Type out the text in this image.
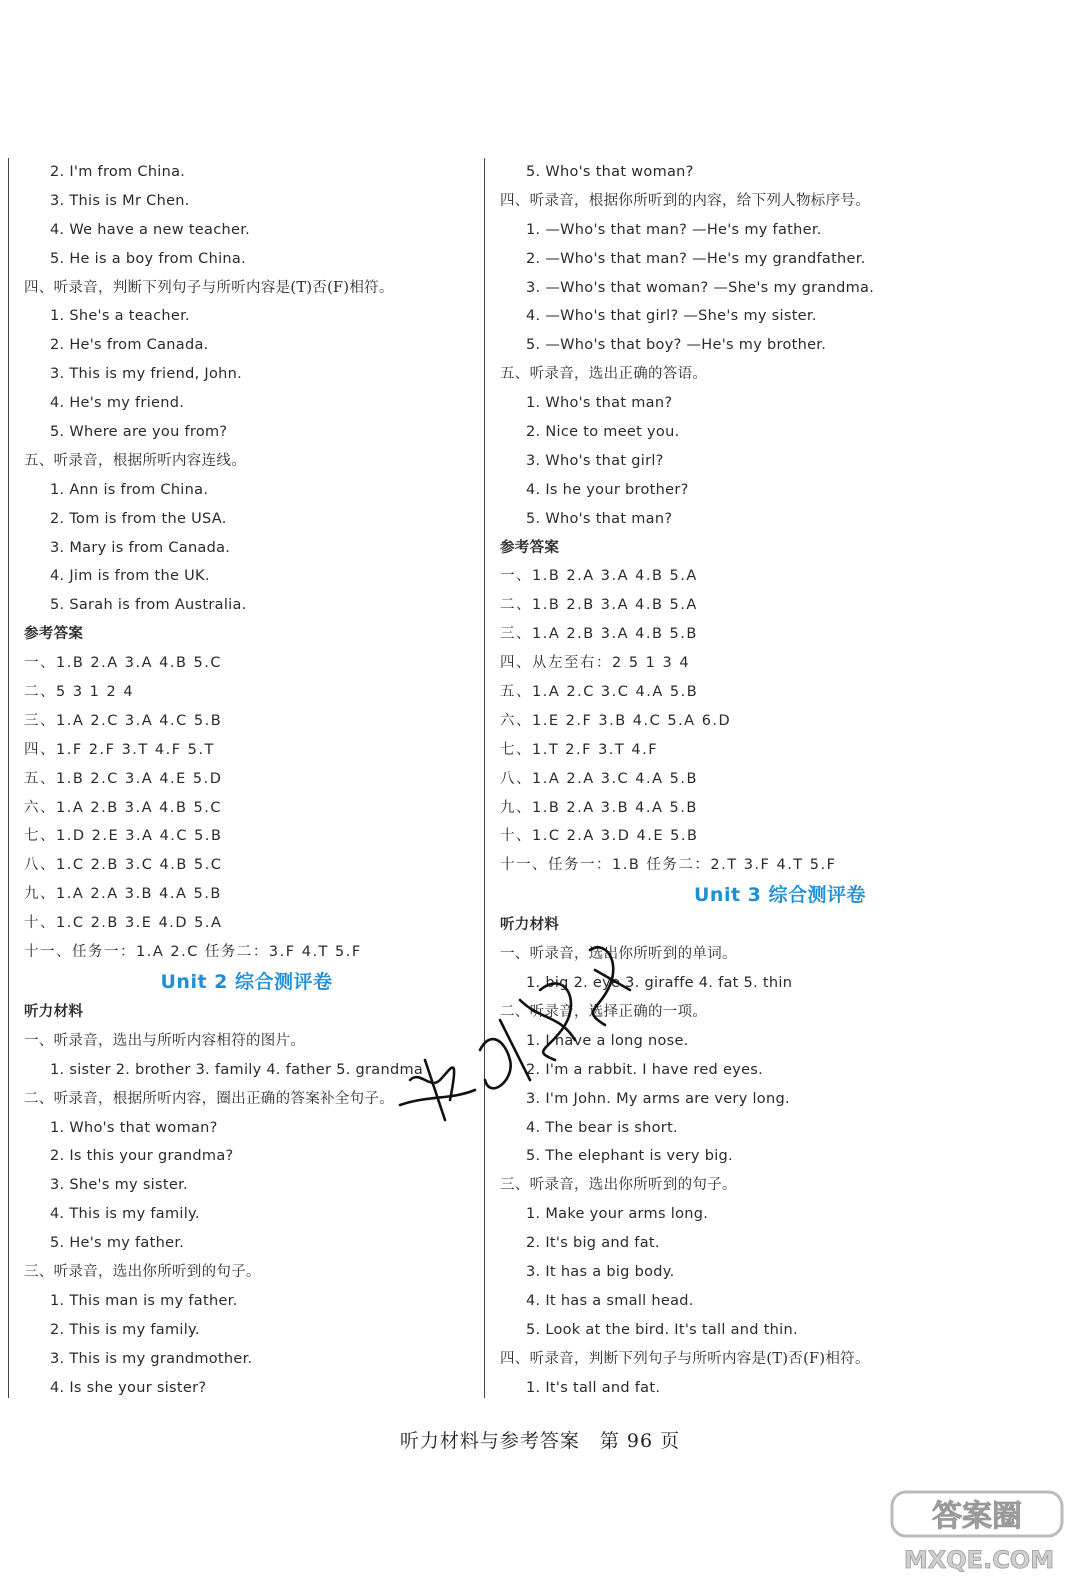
2. I'm from China.
3. This is Mr Chen.
4. We have a new teacher.
5. He is a boy from China.
四、听录音，判断下列句子与所听内容是(T)否(F)相符。
1. She's a teacher.
2. He's from Canada.
3. This is my friend, John.
4. He's my friend.
5. Where are you from?
五、听录音，根据所听内容连线。
1. Ann is from China.
2. Tom is from the USA.
3. Mary is from Canada.
4. Jim is from the UK.
5. Sarah is from Australia.
参考答案
一、1.B 2.A 3.A 4.B 5.C
二、5 3 1 2 4
三、1.A 2.C 3.A 4.C 5.B
四、1.F 2.F 3.T 4.F 5.T
五、1.B 2.C 3.A 4.E 5.D
六、1.A 2.B 3.A 4.B 5.C
七、1.D 2.E 3.A 4.C 5.B
八、1.C 2.B 3.C 4.B 5.C
九、1.A 2.A 3.B 4.A 5.B
十、1.C 2.B 3.E 4.D 5.A
十一、任务一：1.A 2.C 任务二：3.F 4.T 5.F
Unit 2 综合测评卷
听力材料
一、听录音，选出与所听内容相符的图片。
1. sister 2. brother 3. family 4. father 5. grandma
二、听录音，根据所听内容，圈出正确的答案补全句子。
1. Who's that woman?
2. Is this your grandma?
3. She's my sister.
4. This is my family.
5. He's my father.
三、听录音，选出你所听到的句子。
1. This man is my father.
2. This is my family.
3. This is my grandmother.
4. Is she your sister?
5. Who's that woman?
四、听录音，根据你所听到的内容，给下列人物标序号。
1. —Who's that man? —He's my father.
2. —Who's that man? —He's my grandfather.
3. —Who's that woman? —She's my grandma.
4. —Who's that girl? —She's my sister.
5. —Who's that boy? —He's my brother.
五、听录音，选出正确的答语。
1. Who's that man?
2. Nice to meet you.
3. Who's that girl?
4. Is he your brother?
5. Who's that man?
参考答案
一、1.B 2.A 3.A 4.B 5.A
二、1.B 2.B 3.A 4.B 5.A
三、1.A 2.B 3.A 4.B 5.B
四、从左至右：2 5 1 3 4
五、1.A 2.C 3.C 4.A 5.B
六、1.E 2.F 3.B 4.C 5.A 6.D
七、1.T 2.F 3.T 4.F
八、1.A 2.A 3.C 4.A 5.B
九、1.B 2.A 3.B 4.A 5.B
十、1.C 2.A 3.D 4.E 5.B
十一、任务一：1.B 任务二：2.T 3.F 4.T 5.F
Unit 3 综合测评卷
听力材料
一、听录音，选出你所听到的单词。
1. big 2. eye 3. giraffe 4. fat 5. thin
二、听录音，选择正确的一项。
1. I have a long nose.
2. I'm a rabbit. I have red eyes.
3. I'm John. My arms are very long.
4. The bear is short.
5. The elephant is very big.
三、听录音，选出你所听到的句子。
1. Make your arms long.
2. It's big and fat.
3. It has a big body.
4. It has a small head.
5. Look at the bird. It's tall and thin.
四、听录音，判断下列句子与所听内容是(T)否(F)相符。
1. It's tall and fat.
听力材料与参考答案　第 96 页
答案圈
MXQE.COM
